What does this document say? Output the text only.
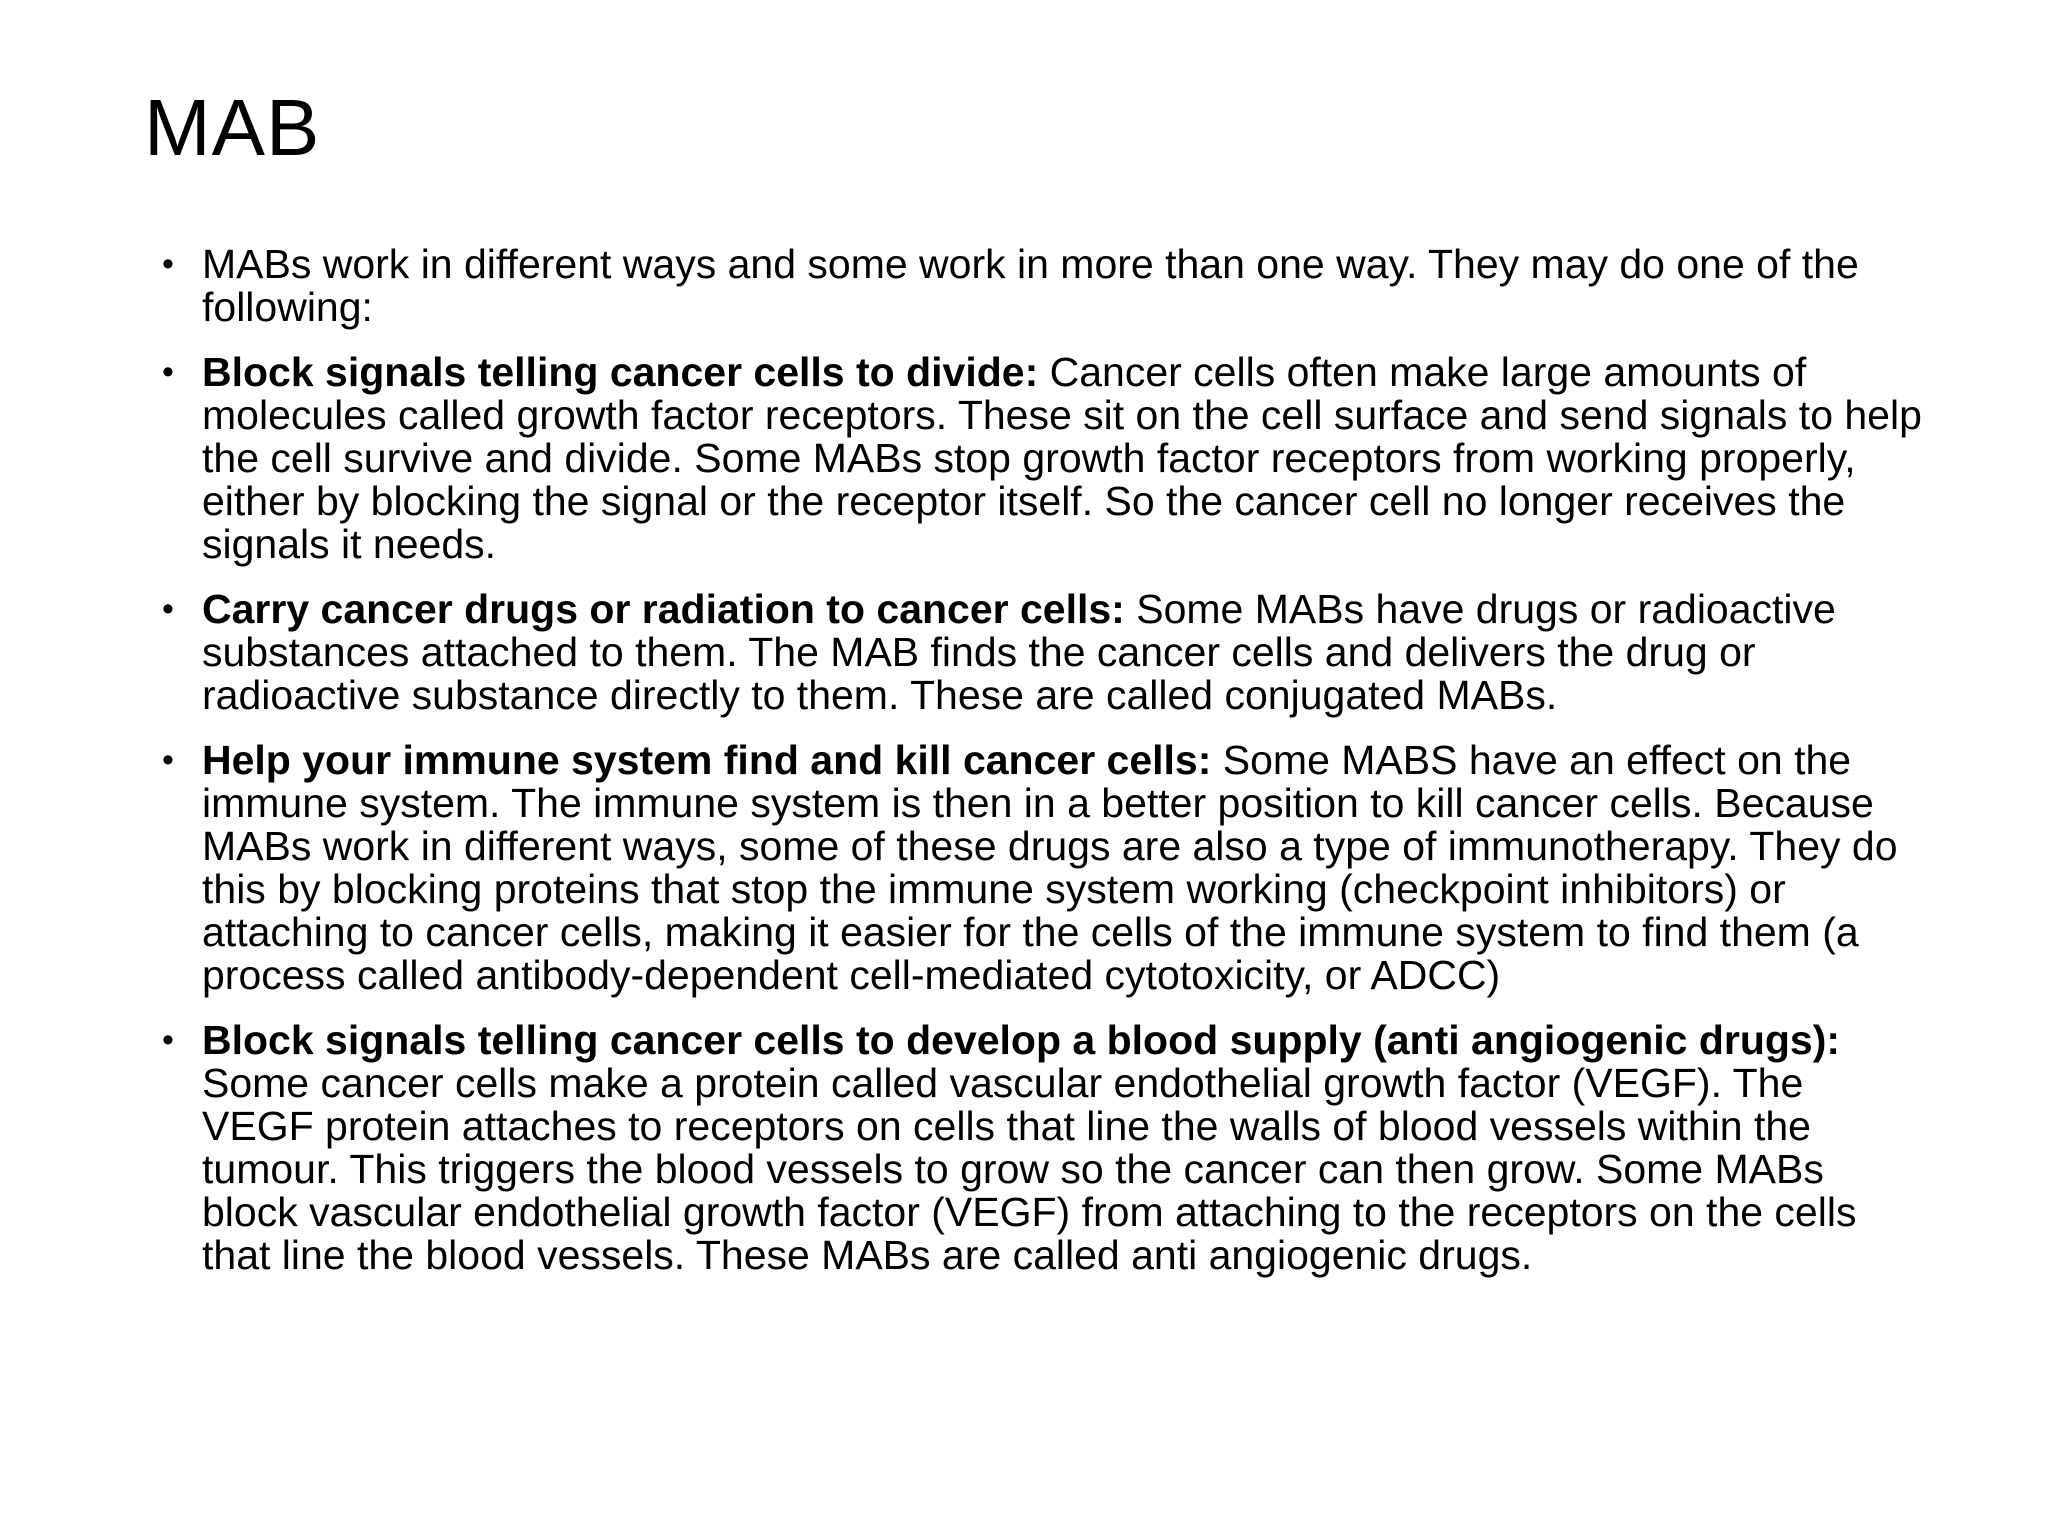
MAB
• MABs work in different ways and some work in more than one way. They may do one of the following:
• Block signals telling cancer cells to divide: Cancer cells often make large amounts of molecules called growth factor receptors. These sit on the cell surface and send signals to help the cell survive and divide. Some MABs stop growth factor receptors from working properly, either by blocking the signal or the receptor itself. So the cancer cell no longer receives the signals it needs.
• Carry cancer drugs or radiation to cancer cells: Some MABs have drugs or radioactive substances attached to them. The MAB finds the cancer cells and delivers the drug or radioactive substance directly to them. These are called conjugated MABs.
• Help your immune system find and kill cancer cells: Some MABS have an effect on the immune system. The immune system is then in a better position to kill cancer cells. Because MABs work in different ways, some of these drugs are also a type of immunotherapy. They do this by blocking proteins that stop the immune system working (checkpoint inhibitors) or attaching to cancer cells, making it easier for the cells of the immune system to find them (a process called antibody-dependent cell-mediated cytotoxicity, or ADCC)
• Block signals telling cancer cells to develop a blood supply (anti angiogenic drugs): Some cancer cells make a protein called vascular endothelial growth factor (VEGF). The VEGF protein attaches to receptors on cells that line the walls of blood vessels within the tumour. This triggers the blood vessels to grow so the cancer can then grow. Some MABs block vascular endothelial growth factor (VEGF) from attaching to the receptors on the cells that line the blood vessels. These MABs are called anti angiogenic drugs.
